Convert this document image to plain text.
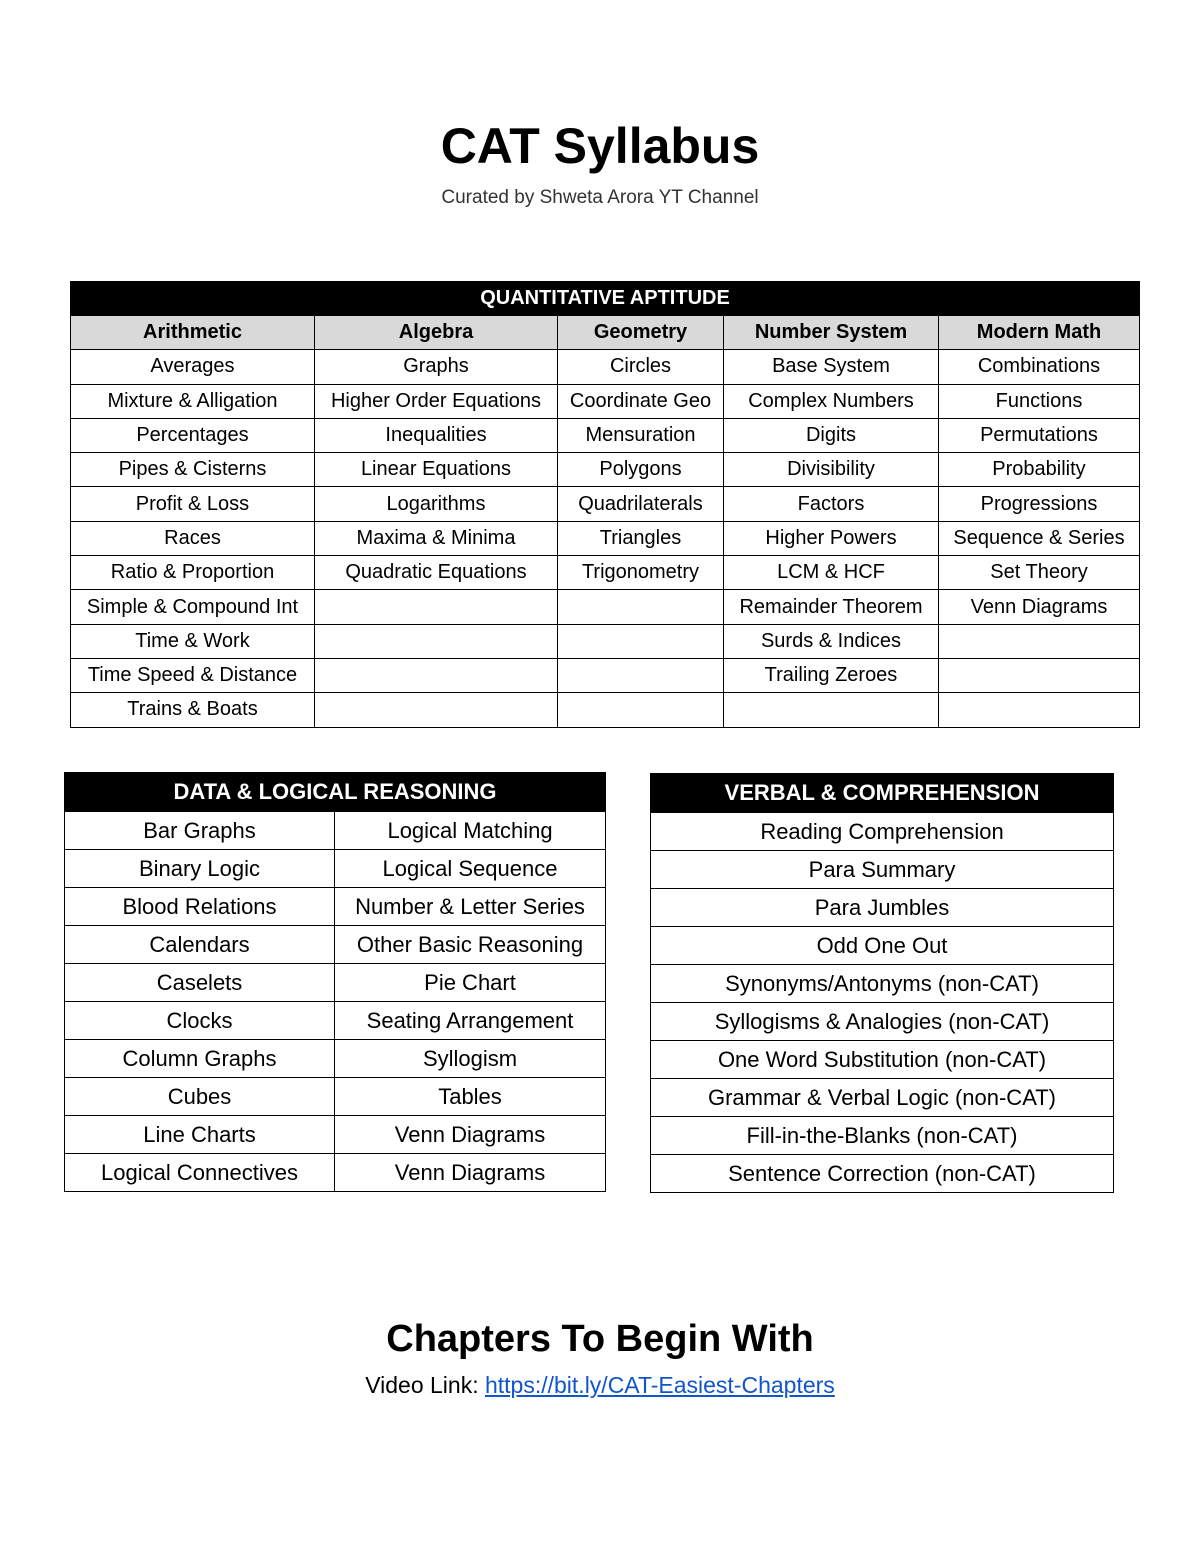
CAT Syllabus
Curated by Shweta Arora YT Channel
QUANTITATIVE APTITUDE				
Arithmetic	Algebra	Geometry	Number System	Modern Math
Averages	Graphs	Circles	Base System	Combinations
Mixture & Alligation	Higher Order Equations	Coordinate Geo	Complex Numbers	Functions
Percentages	Inequalities	Mensuration	Digits	Permutations
Pipes & Cisterns	Linear Equations	Polygons	Divisibility	Probability
Profit & Loss	Logarithms	Quadrilaterals	Factors	Progressions
Races	Maxima & Minima	Triangles	Higher Powers	Sequence & Series
Ratio & Proportion	Quadratic Equations	Trigonometry	LCM & HCF	Set Theory
Simple & Compound Int			Remainder Theorem	Venn Diagrams
Time & Work			Surds & Indices	
Time Speed & Distance			Trailing Zeroes	
Trains & Boats				
DATA & LOGICAL REASONING	
Bar Graphs	Logical Matching
Binary Logic	Logical Sequence
Blood Relations	Number & Letter Series
Calendars	Other Basic Reasoning
Caselets	Pie Chart
Clocks	Seating Arrangement
Column Graphs	Syllogism
Cubes	Tables
Line Charts	Venn Diagrams
Logical Connectives	Venn Diagrams
VERBAL & COMPREHENSION
Reading Comprehension
Para Summary
Para Jumbles
Odd One Out
Synonyms/Antonyms (non-CAT)
Syllogisms & Analogies (non-CAT)
One Word Substitution (non-CAT)
Grammar & Verbal Logic (non-CAT)
Fill-in-the-Blanks (non-CAT)
Sentence Correction (non-CAT)
Chapters To Begin With
Video Link: https://bit.ly/CAT-Easiest-Chapters
